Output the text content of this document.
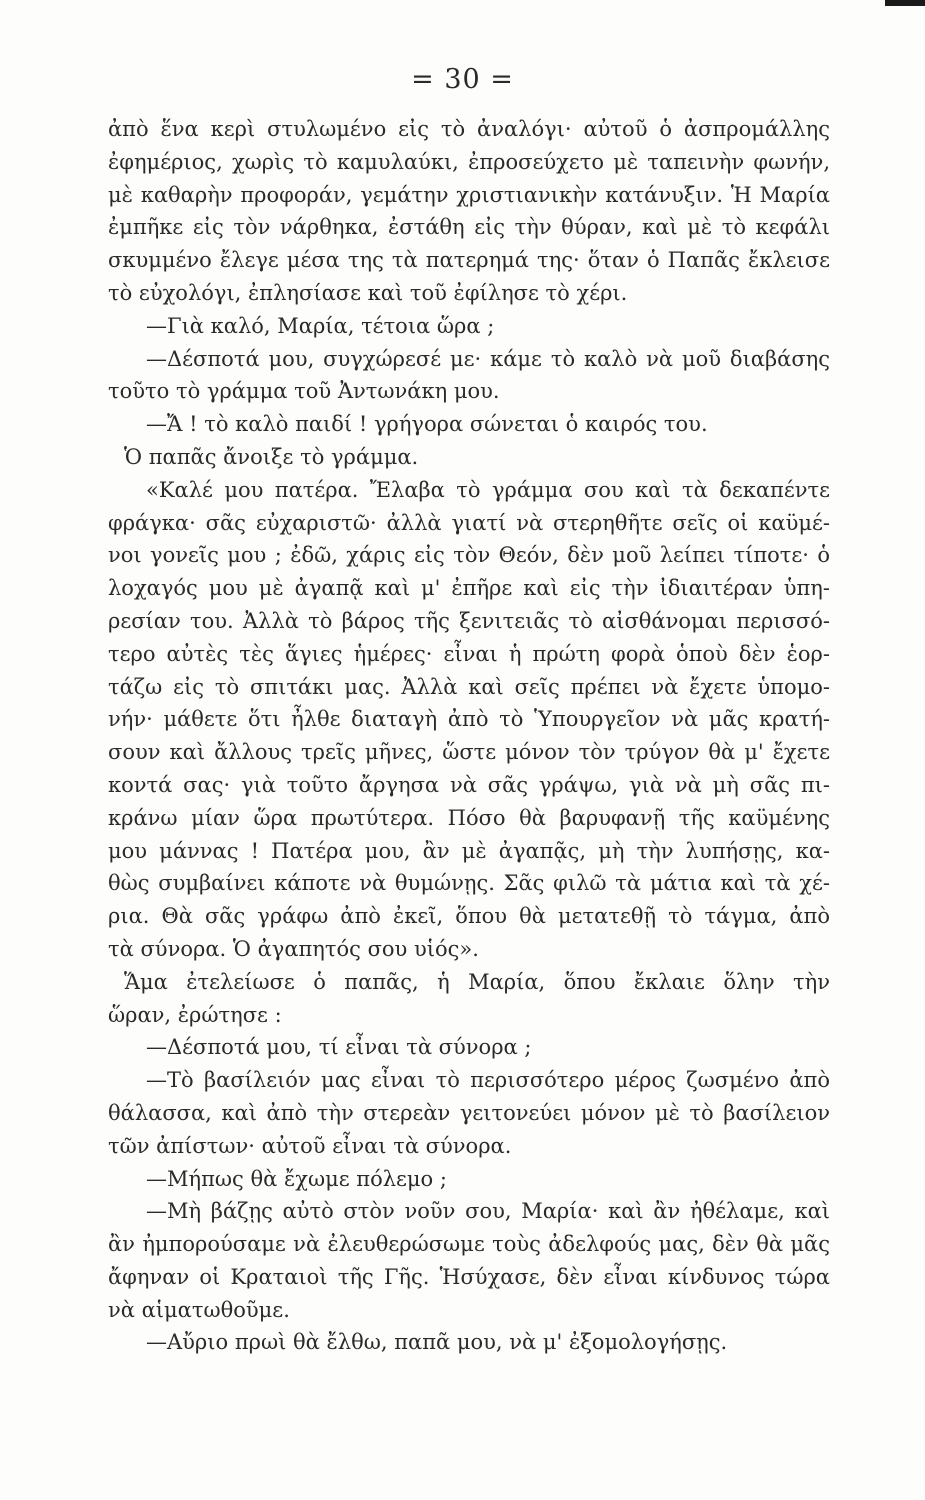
= 30 =
ἀπὸ ἕνα κερὶ στυλωμένο εἰς τὸ ἀναλόγι· αὐτοῦ ὁ ἀσπρομάλλης
ἐφημέριος, χωρὶς τὸ καμυλαύκι, ἐπροσεύχετο μὲ ταπεινὴν φωνήν,
μὲ καθαρὴν προφοράν, γεμάτην χριστιανικὴν κατάνυξιν. Ἡ Μαρία
ἐμπῆκε εἰς τὸν νάρθηκα, ἐστάθη εἰς τὴν θύραν, καὶ μὲ τὸ κεφάλι
σκυμμένο ἔλεγε μέσα της τὰ πατερημά της· ὅταν ὁ Παπᾶς ἔκλεισε
τὸ εὐχολόγι, ἐπλησίασε καὶ τοῦ ἐφίλησε τὸ χέρι.
—Γιὰ καλό, Μαρία, τέτοια ὥρα ;
—Δέσποτά μου, συγχώρεσέ με· κάμε τὸ καλὸ νὰ μοῦ διαβάσης
τοῦτο τὸ γράμμα τοῦ Ἀντωνάκη μου.
—Ἄ ! τὸ καλὸ παιδί ! γρήγορα σώνεται ὁ καιρός του.
Ὁ παπᾶς ἄνοιξε τὸ γράμμα.
«Καλέ μου πατέρα. Ἔλαβα τὸ γράμμα σου καὶ τὰ δεκαπέντε
φράγκα· σᾶς εὐχαριστῶ· ἀλλὰ γιατί νὰ στερηθῆτε σεῖς οἱ καϋμέ-
νοι γονεῖς μου ; ἐδῶ, χάρις εἰς τὸν Θεόν, δὲν μοῦ λείπει τίποτε· ὁ
λοχαγός μου μὲ ἀγαπᾷ καὶ μ' ἐπῆρε καὶ εἰς τὴν ἰδιαιτέραν ὑπη-
ρεσίαν του. Ἀλλὰ τὸ βάρος τῆς ξενιτειᾶς τὸ αἰσθάνομαι περισσό-
τερο αὐτὲς τὲς ἅγιες ἡμέρες· εἶναι ἡ πρώτη φορὰ ὁποὺ δὲν ἑορ-
τάζω εἰς τὸ σπιτάκι μας. Ἀλλὰ καὶ σεῖς πρέπει νὰ ἔχετε ὑπομο-
νήν· μάθετε ὅτι ἦλθε διαταγὴ ἀπὸ τὸ Ὑπουργεῖον νὰ μᾶς κρατή-
σουν καὶ ἄλλους τρεῖς μῆνες, ὥστε μόνον τὸν τρύγον θὰ μ' ἔχετε
κοντά σας· γιὰ τοῦτο ἄργησα νὰ σᾶς γράψω, γιὰ νὰ μὴ σᾶς πι-
κράνω μίαν ὥρα πρωτύτερα. Πόσο θὰ βαρυφανῇ τῆς καϋμένης
μου μάννας ! Πατέρα μου, ἂν μὲ ἀγαπᾷς, μὴ τὴν λυπήσῃς, κα-
θὼς συμβαίνει κάποτε νὰ θυμώνῃς. Σᾶς φιλῶ τὰ μάτια καὶ τὰ χέ-
ρια. Θὰ σᾶς γράφω ἀπὸ ἐκεῖ, ὅπου θὰ μετατεθῇ τὸ τάγμα, ἀπὸ
τὰ σύνορα. Ὁ ἀγαπητός σου υἱός».
Ἅμα ἐτελείωσε ὁ παπᾶς, ἡ Μαρία, ὅπου ἔκλαιε ὅλην τὴν
ὥραν, ἐρώτησε :
—Δέσποτά μου, τί εἶναι τὰ σύνορα ;
—Τὸ βασίλειόν μας εἶναι τὸ περισσότερο μέρος ζωσμένο ἀπὸ
θάλασσα, καὶ ἀπὸ τὴν στερεὰν γειτονεύει μόνον μὲ τὸ βασίλειον
τῶν ἀπίστων· αὐτοῦ εἶναι τὰ σύνορα.
—Μήπως θὰ ἔχωμε πόλεμο ;
—Μὴ βάζῃς αὐτὸ στὸν νοῦν σου, Μαρία· καὶ ἂν ἠθέλαμε, καὶ
ἂν ἠμπορούσαμε νὰ ἐλευθερώσωμε τοὺς ἀδελφούς μας, δὲν θὰ μᾶς
ἄφηναν οἱ Κραταιοὶ τῆς Γῆς. Ἡσύχασε, δὲν εἶναι κίνδυνος τώρα
νὰ αἱματωθοῦμε.
—Αὔριο πρωὶ θὰ ἔλθω, παπᾶ μου, νὰ μ' ἐξομολογήσῃς.
